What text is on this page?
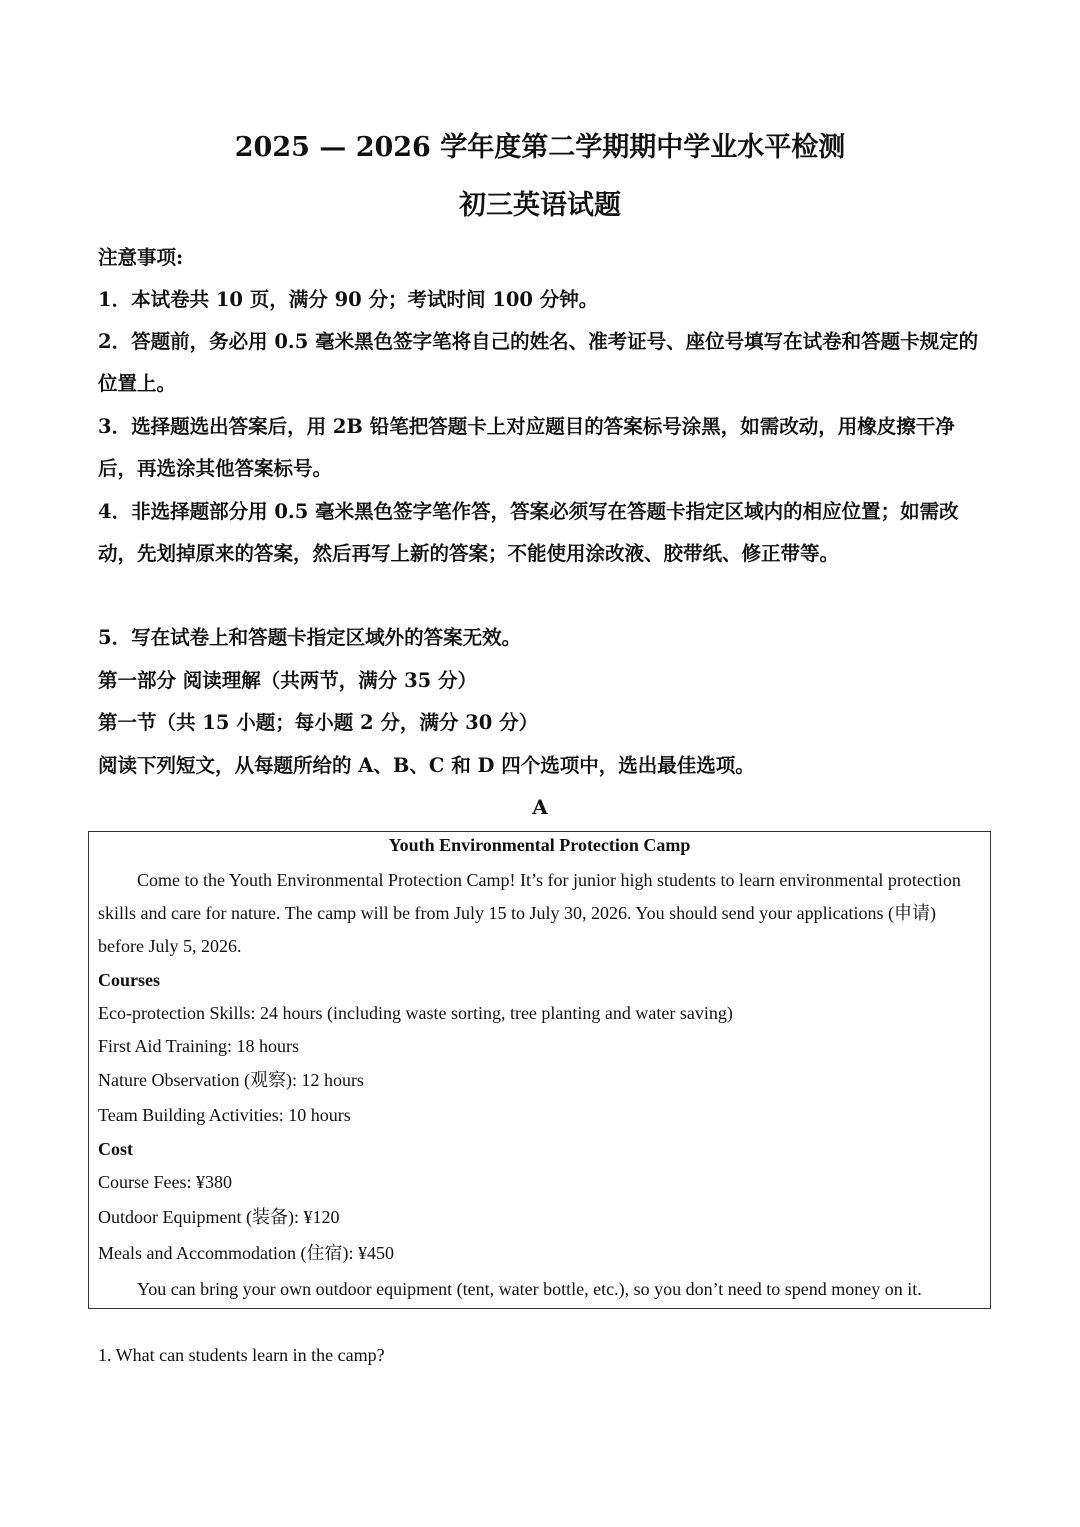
2025 — 2026 学年度第二学期期中学业水平检测
初三英语试题
注意事项:
1．本试卷共 10 页，满分 90 分；考试时间 100 分钟。
2．答题前，务必用 0.5 毫米黑色签字笔将自己的姓名、准考证号、座位号填写在试卷和答题卡规定的位置上。
3．选择题选出答案后，用 2B 铅笔把答题卡上对应题目的答案标号涂黑，如需改动，用橡皮擦干净后，再选涂其他答案标号。
4．非选择题部分用 0.5 毫米黑色签字笔作答，答案必须写在答题卡指定区域内的相应位置；如需改动，先划掉原来的答案，然后再写上新的答案；不能使用涂改液、胶带纸、修正带等。
5．写在试卷上和答题卡指定区域外的答案无效。
第一部分 阅读理解（共两节，满分 35 分）
第一节（共 15 小题；每小题 2 分，满分 30 分）
阅读下列短文，从每题所给的 A、B、C 和 D 四个选项中，选出最佳选项。
A
Youth Environmental Protection Camp
Come to the Youth Environmental Protection Camp! It’s for junior high students to learn environmental protection skills and care for nature. The camp will be from July 15 to July 30, 2026. You should send your applications (申请) before July 5, 2026.
Courses
Eco-protection Skills: 24 hours (including waste sorting, tree planting and water saving)
First Aid Training: 18 hours
Nature Observation (观察): 12 hours
Team Building Activities: 10 hours
Cost
Course Fees: ¥380
Outdoor Equipment (装备): ¥120
Meals and Accommodation (住宿): ¥450
You can bring your own outdoor equipment (tent, water bottle, etc.), so you don’t need to spend money on it.
1. What can students learn in the camp?
